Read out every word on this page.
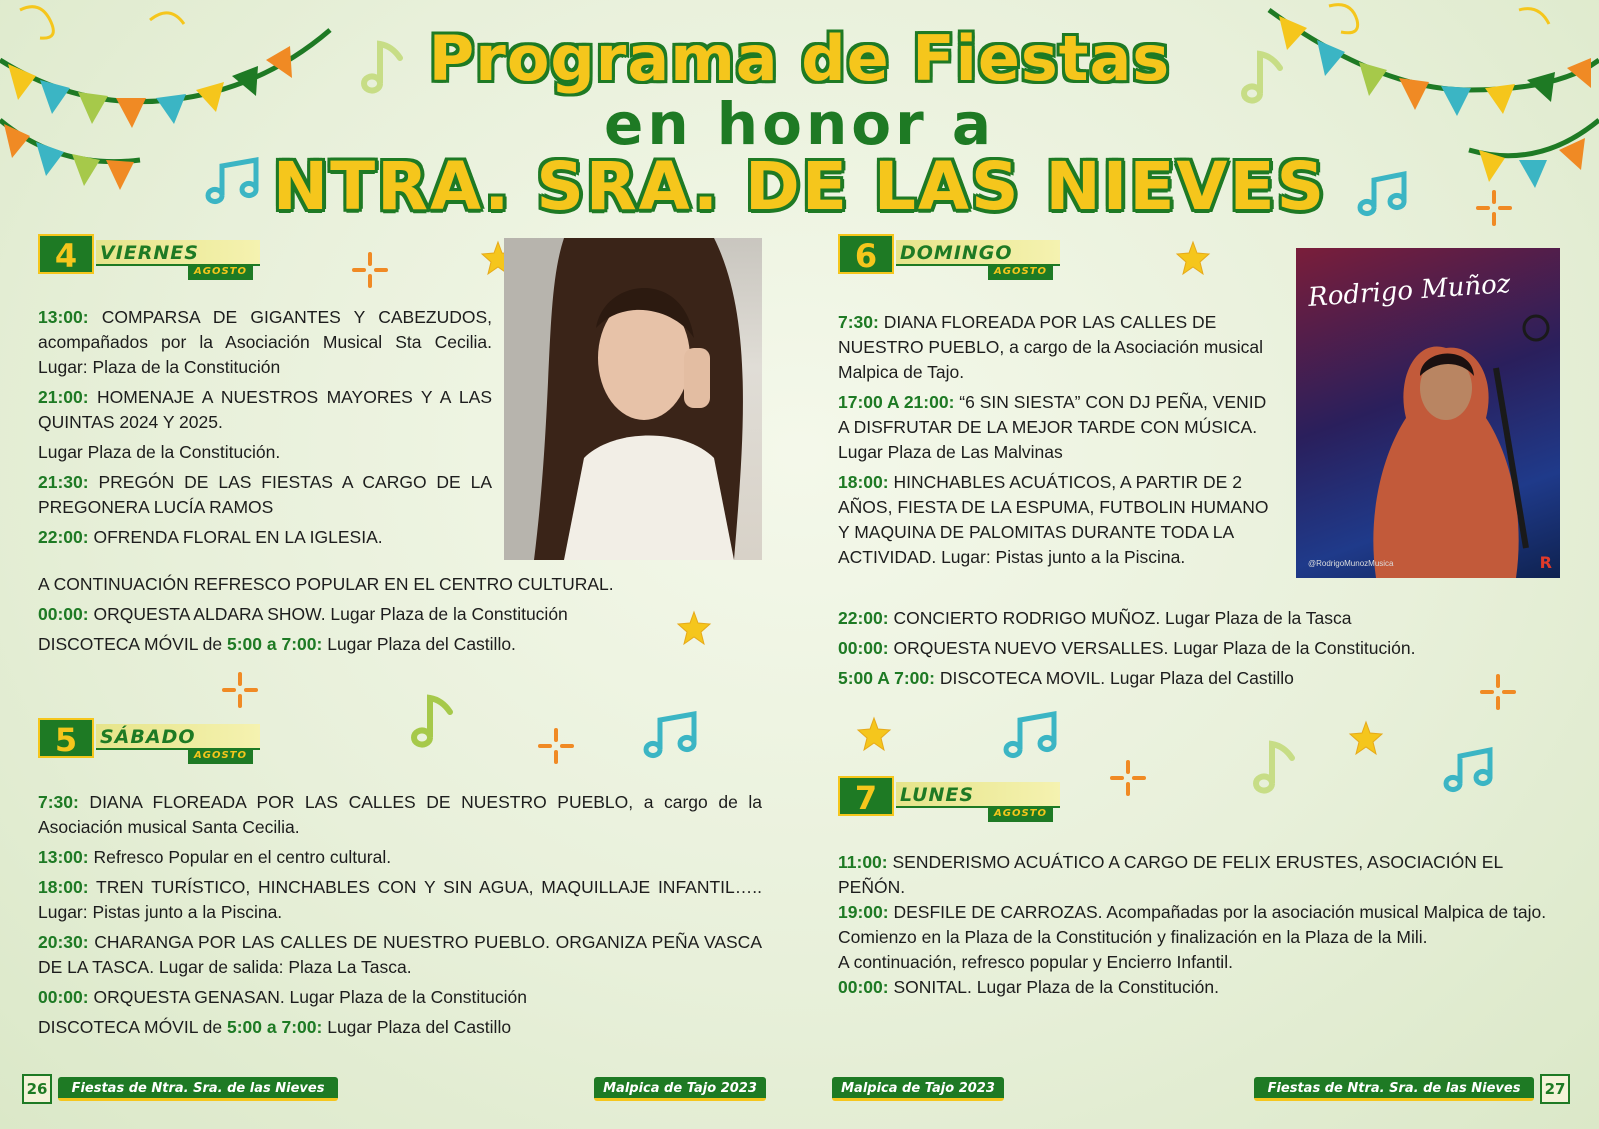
Programa de Fiestas
en honor a
NTRA. SRA. DE LAS NIEVES
4	VIERNES
AGOSTO

13:00: COMPARSA DE GIGANTES Y CABEZUDOS, acompañados por la Asociación Musical Sta Cecilia. Lugar: Plaza de la Constitución

21:00: HOMENAJE A NUESTROS MAYORES Y A LAS QUINTAS 2024 Y 2025.

Lugar Plaza de la Constitución.

21:30: PREGÓN DE LAS FIESTAS A CARGO DE LA PREGONERA LUCÍA RAMOS

22:00: OFRENDA FLORAL EN LA IGLESIA.

A CONTINUACIÓN REFRESCO POPULAR EN EL CENTRO CULTURAL.

00:00: ORQUESTA ALDARA SHOW. Lugar Plaza de la Constitución

DISCOTECA MÓVIL de 5:00 a 7:00: Lugar Plaza del Castillo.

5	SÁBADO
AGOSTO

7:30: DIANA FLOREADA POR LAS CALLES DE NUESTRO PUEBLO, a cargo de la Asociación musical Santa Cecilia.

13:00: Refresco Popular en el centro cultural.

18:00: TREN TURÍSTICO, HINCHABLES CON Y SIN AGUA, MAQUILLAJE INFANTIL….. Lugar: Pistas junto a la Piscina.

20:30: CHARANGA POR LAS CALLES DE NUESTRO PUEBLO. ORGANIZA PEÑA VASCA DE LA TASCA. Lugar de salida: Plaza La Tasca.

00:00: ORQUESTA GENASAN. Lugar Plaza de la Constitución

DISCOTECA MÓVIL de 5:00 a 7:00: Lugar Plaza del Castillo

6	DOMINGO
AGOSTO

7:30: DIANA FLOREADA POR LAS CALLES DE NUESTRO PUEBLO, a cargo de la Asociación musical Malpica de Tajo.

17:00 A 21:00: “6 SIN SIESTA” CON DJ PEÑA, VENID A DISFRUTAR DE LA MEJOR TARDE CON MÚSICA. Lugar Plaza de Las Malvinas

18:00: HINCHABLES ACUÁTICOS, A PARTIR DE 2 AÑOS, FIESTA DE LA ESPUMA, FUTBOLIN HUMANO Y MAQUINA DE PALOMITAS DURANTE TODA LA ACTIVIDAD. Lugar: Pistas junto a la Piscina.

22:00: CONCIERTO RODRIGO MUÑOZ. Lugar Plaza de la Tasca

00:00: ORQUESTA NUEVO VERSALLES. Lugar Plaza de la Constitución.

5:00 A 7:00: DISCOTECA MOVIL. Lugar Plaza del Castillo

Rodrigo Muñoz
@RodrigoMunozMusica	R
7	LUNES
AGOSTO

11:00: SENDERISMO ACUÁTICO A CARGO DE FELIX ERUSTES, ASOCIACIÓN EL PEÑÓN.

19:00: DESFILE DE CARROZAS. Acompañadas por la asociación musical Malpica de tajo. Comienzo en la Plaza de la Constitución y finalización en la Plaza de la Mili.

A continuación, refresco popular y Encierro Infantil.

00:00: SONITAL. Lugar Plaza de la Constitución.

26	Fiestas de Ntra. Sra. de las Nieves	Malpica de Tajo 2023	Malpica de Tajo 2023	Fiestas de Ntra. Sra. de las Nieves	27
